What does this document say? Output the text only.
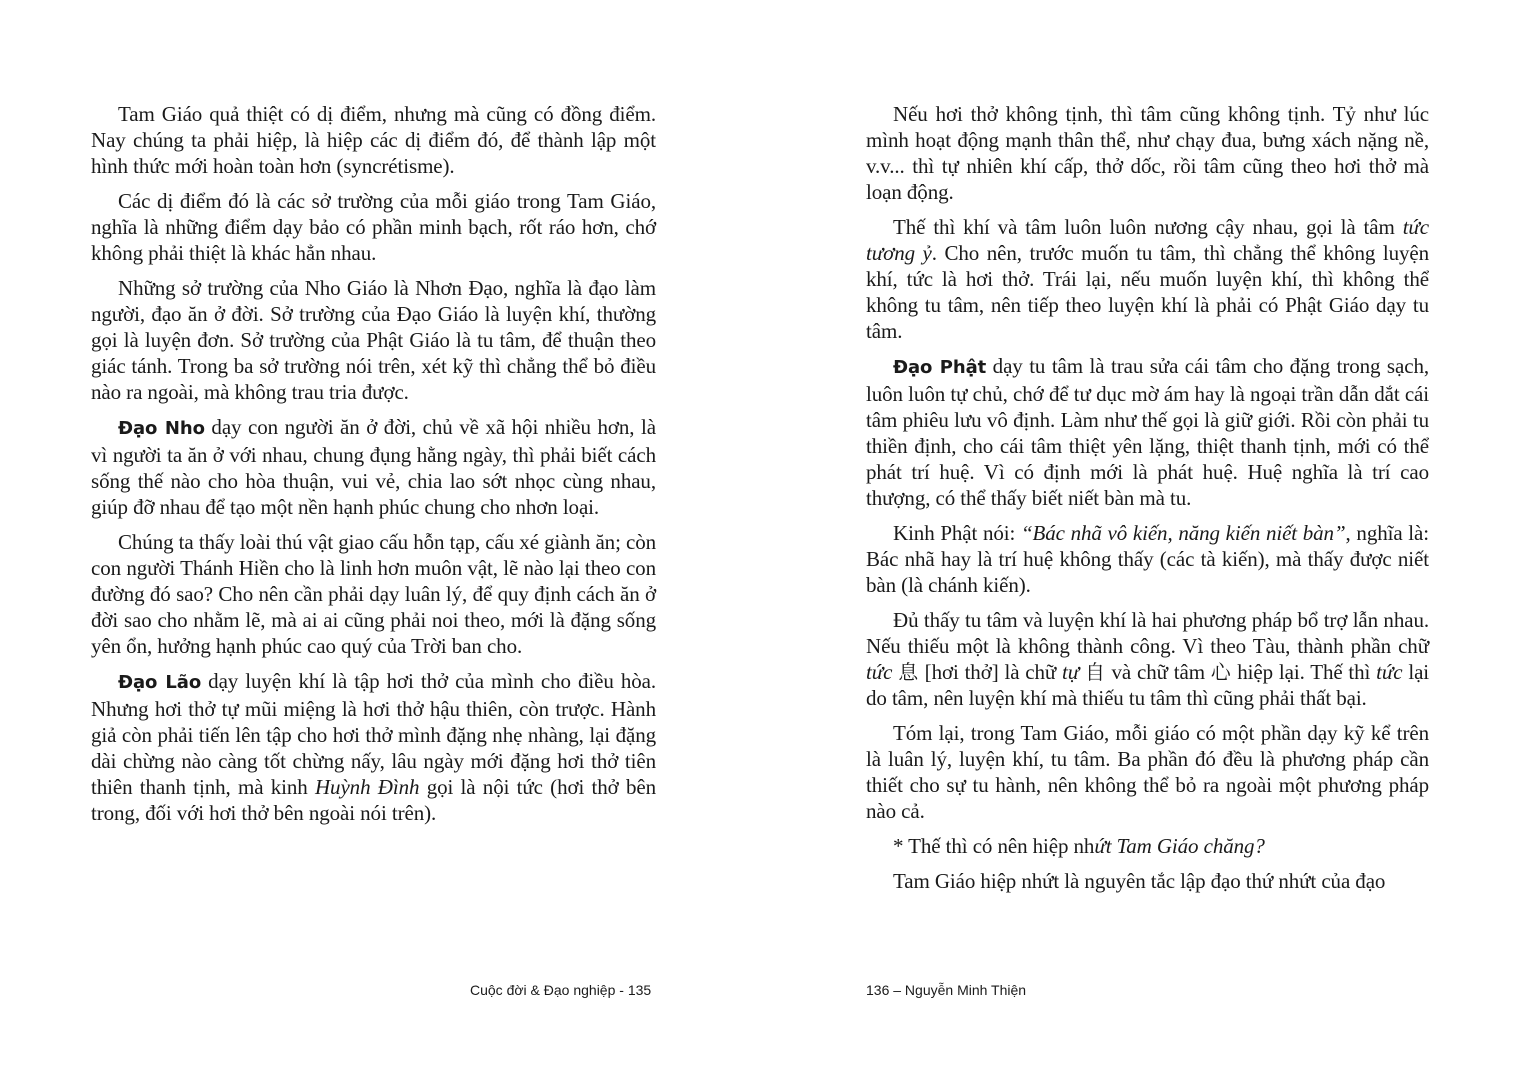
Tam Giáo quả thiệt có dị điểm, nhưng mà cũng có đồng điểm. Nay chúng ta phải hiệp, là hiệp các dị điểm đó, để thành lập một hình thức mới hoàn toàn hơn (syncrétisme).

Các dị điểm đó là các sở trường của mỗi giáo trong Tam Giáo, nghĩa là những điểm dạy bảo có phần minh bạch, rốt ráo hơn, chớ không phải thiệt là khác hẳn nhau.

Những sở trường của Nho Giáo là Nhơn Đạo, nghĩa là đạo làm người, đạo ăn ở đời. Sở trường của Đạo Giáo là luyện khí, thường gọi là luyện đơn. Sở trường của Phật Giáo là tu tâm, để thuận theo giác tánh. Trong ba sở trường nói trên, xét kỹ thì chẳng thể bỏ điều nào ra ngoài, mà không trau tria được.

Đạo Nho dạy con người ăn ở đời, chủ về xã hội nhiều hơn, là vì người ta ăn ở với nhau, chung đụng hằng ngày, thì phải biết cách sống thế nào cho hòa thuận, vui vẻ, chia lao sớt nhọc cùng nhau, giúp đỡ nhau để tạo một nền hạnh phúc chung cho nhơn loại.

Chúng ta thấy loài thú vật giao cấu hỗn tạp, cấu xé giành ăn; còn con người Thánh Hiền cho là linh hơn muôn vật, lẽ nào lại theo con đường đó sao? Cho nên cần phải dạy luân lý, để quy định cách ăn ở đời sao cho nhằm lẽ, mà ai ai cũng phải noi theo, mới là đặng sống yên ổn, hưởng hạnh phúc cao quý của Trời ban cho.

Đạo Lão dạy luyện khí là tập hơi thở của mình cho điều hòa. Nhưng hơi thở tự mũi miệng là hơi thở hậu thiên, còn trược. Hành giả còn phải tiến lên tập cho hơi thở mình đặng nhẹ nhàng, lại đặng dài chừng nào càng tốt chừng nấy, lâu ngày mới đặng hơi thở tiên thiên thanh tịnh, mà kinh Huỳnh Đình gọi là nội tức (hơi thở bên trong, đối với hơi thở bên ngoài nói trên).

Nếu hơi thở không tịnh, thì tâm cũng không tịnh. Tỷ như lúc mình hoạt động mạnh thân thể, như chạy đua, bưng xách nặng nề, v.v... thì tự nhiên khí cấp, thở dốc, rồi tâm cũng theo hơi thở mà loạn động.

Thế thì khí và tâm luôn luôn nương cậy nhau, gọi là tâm tức tương ỷ. Cho nên, trước muốn tu tâm, thì chẳng thể không luyện khí, tức là hơi thở. Trái lại, nếu muốn luyện khí, thì không thể không tu tâm, nên tiếp theo luyện khí là phải có Phật Giáo dạy tu tâm.

Đạo Phật dạy tu tâm là trau sửa cái tâm cho đặng trong sạch, luôn luôn tự chủ, chớ để tư dục mờ ám hay là ngoại trần dẫn dắt cái tâm phiêu lưu vô định. Làm như thế gọi là giữ giới. Rồi còn phải tu thiền định, cho cái tâm thiệt yên lặng, thiệt thanh tịnh, mới có thể phát trí huệ. Vì có định mới là phát huệ. Huệ nghĩa là trí cao thượng, có thể thấy biết niết bàn mà tu.

Kinh Phật nói: “Bác nhã vô kiến, năng kiến niết bàn”, nghĩa là: Bác nhã hay là trí huệ không thấy (các tà kiến), mà thấy được niết bàn (là chánh kiến).

Đủ thấy tu tâm và luyện khí là hai phương pháp bổ trợ lẫn nhau. Nếu thiếu một là không thành công. Vì theo Tàu, thành phần chữ tức 息 [hơi thở] là chữ tự 自 và chữ tâm 心 hiệp lại. Thế thì tức lại do tâm, nên luyện khí mà thiếu tu tâm thì cũng phải thất bại.

Tóm lại, trong Tam Giáo, mỗi giáo có một phần dạy kỹ kể trên là luân lý, luyện khí, tu tâm. Ba phần đó đều là phương pháp cần thiết cho sự tu hành, nên không thể bỏ ra ngoài một phương pháp nào cả.

* Thế thì có nên hiệp nhứt Tam Giáo chăng?

Tam Giáo hiệp nhứt là nguyên tắc lập đạo thứ nhứt của đạo

Cuộc đời & Đạo nghiệp - 135	136 – Nguyễn Minh Thiện
